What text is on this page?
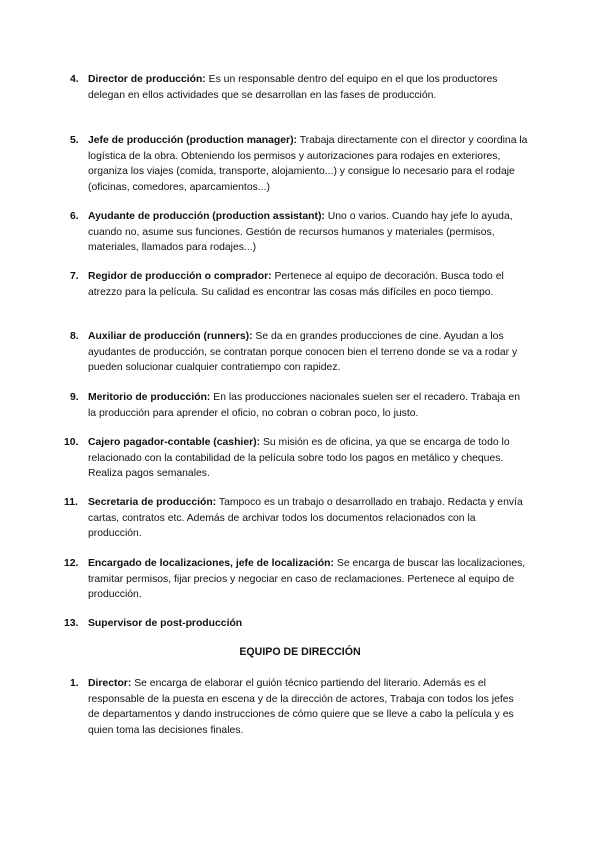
4. Director de producción: Es un responsable dentro del equipo en el que los productores delegan en ellos actividades que se desarrollan en las fases de producción.
5. Jefe de producción (production manager): Trabaja directamente con el director y coordina la logística de la obra. Obteniendo los permisos y autorizaciones para rodajes en exteriores, organiza los viajes (comida, transporte, alojamiento...) y consigue lo necesario para el rodaje (oficinas, comedores, aparcamientos...)
6. Ayudante de producción (production assistant): Uno o varios. Cuando hay jefe lo ayuda, cuando no, asume sus funciones. Gestión de recursos humanos y materiales (permisos, materiales, llamados para rodajes...)
7. Regidor de producción o comprador: Pertenece al equipo de decoración. Busca todo el atrezzo para la película. Su calidad es encontrar las cosas más difíciles en poco tiempo.
8. Auxiliar de producción (runners): Se da en grandes producciones de cine. Ayudan a los ayudantes de producción, se contratan porque conocen bien el terreno donde se va a rodar y pueden solucionar cualquier contratiempo con rapidez.
9. Meritorio de producción: En las producciones nacionales suelen ser el recadero. Trabaja en la producción para aprender el oficio, no cobran o cobran poco, lo justo.
10. Cajero pagador-contable (cashier): Su misión es de oficina, ya que se encarga de todo lo relacionado con la contabilidad de la película sobre todo los pagos en metálico y cheques. Realiza pagos semanales.
11. Secretaria de producción: Tampoco es un trabajo o desarrollado en trabajo. Redacta y envía cartas, contratos etc. Además de archivar todos los documentos relacionados con la producción.
12. Encargado de localizaciones, jefe de localización: Se encarga de buscar las localizaciones, tramitar permisos, fijar precios y negociar en caso de reclamaciones. Pertenece al equipo de producción.
13. Supervisor de post-producción
EQUIPO DE DIRECCIÓN
1. Director: Se encarga de elaborar el guión técnico partiendo del literario. Además es el responsable de la puesta en escena y de la dirección de actores, Trabaja con todos los jefes de departamentos y dando instrucciones de cómo quiere que se lleve a cabo la película y es quien toma las decisiones finales.
